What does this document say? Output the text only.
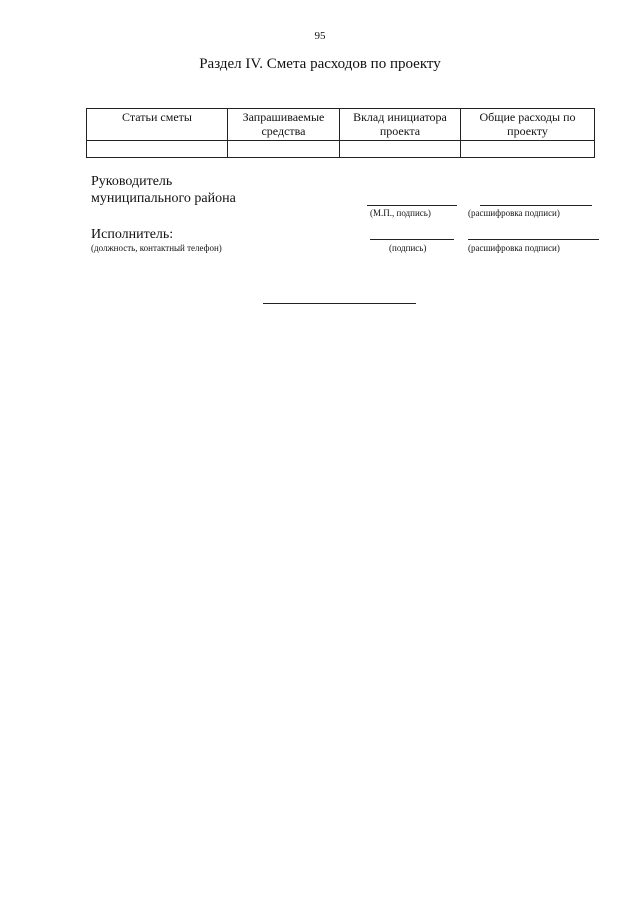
95
Раздел IV. Смета расходов по проекту
Статьи сметы	Запрашиваемые средства	Вклад инициатора проекта	Общие расходы по проекту

Руководитель
муниципального района
(М.П., подпись)	(расшифровка подписи)
Исполнитель:
(должность, контактный телефон)	(подпись)	(расшифровка подписи)
